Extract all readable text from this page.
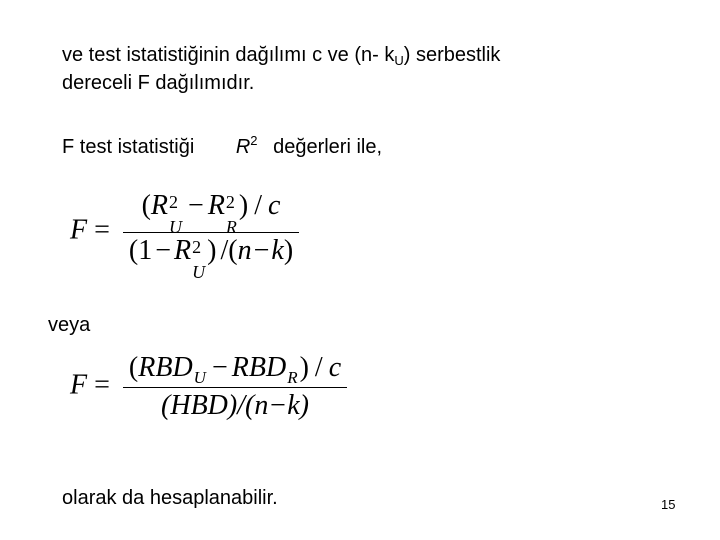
ve test istatistiğinin dağılımı c ve (n- $k_U$) serbestlik
dereceli F dağılımıdır.
F test istatistiği $R^2$ değerleri ile,
F = ( R 2
U
− R 2
R
) / c
( 1 − R 2
U
) /( n − k )
veya
$F = \frac{\text{( RBD U − RBD R ) / c}}{\text{(HBD) /(n−k)}}$
olarak da hesaplanabilir.	15
